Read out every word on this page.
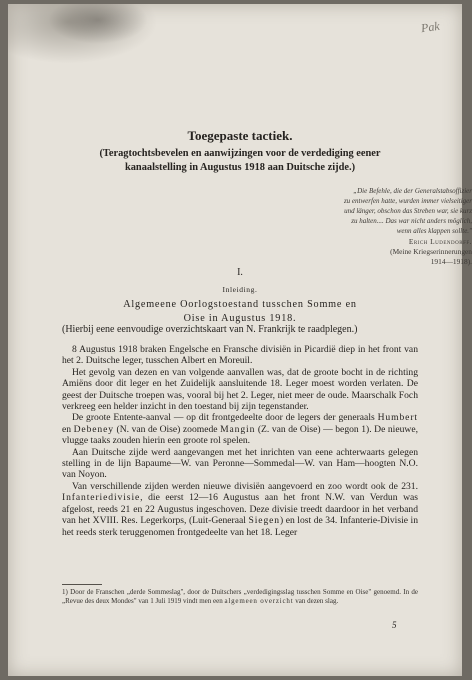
Pak
Toegepaste tactiek.
(Teragtochtsbevelen en aanwijzingen voor de verdediging eener
kanaalstelling in Augustus 1918 aan Duitsche zijde.)
„Die Befehle, die der Generalstabsoffizier
zu entwerfen hatte, wurden immer vielseitiger
und länger, obschon das Streben war, sie kurz
zu halten.... Das war nicht anders möglich,
wenn alles klappen sollte."
Erich Ludendorff.
(Meine Kriegserinnerungen
1914—1918).
I.
Inleiding.
Algemeene Oorlogstoestand tusschen Somme en
Oise in Augustus 1918.
(Hierbij eene eenvoudige overzichtskaart van N. Frankrijk te raadplegen.)

8 Augustus 1918 braken Engelsche en Fransche divisiën in Picardië diep in het front van het 2. Duitsche leger, tusschen Albert en Moreuil.

Het gevolg van dezen en van volgende aanvallen was, dat de groote bocht in de richting Amiëns door dit leger en het Zuidelijk aansluitende 18. Leger moest worden verlaten. De geest der Duitsche troepen was, vooral bij het 2. Leger, niet meer de oude. Maarschalk Foch verkreeg een helder inzicht in den toestand bij zijn tegenstander.

De groote Entente-aanval — op dit frontgedeelte door de legers der generaals Humbert en Debeney (N. van de Oise) zoomede Mangin (Z. van de Oise) — begon 1). De nieuwe, vlugge taaks zouden hierin een groote rol spelen.

Aan Duitsche zijde werd aangevangen met het inrichten van eene achterwaarts gelegen stelling in de lijn Bapaume—W. van Peronne—Sommedal—W. van Ham—hoogten N.O. van Noyon.

Van verschillende zijden werden nieuwe divisiën aangevoerd en zoo wordt ook de 231. Infanteriedivisie, die eerst 12—16 Augustus aan het front N.W. van Verdun was afgelost, reeds 21 en 22 Augustus ingeschoven. Deze divisie treedt daardoor in het verband van het XVIII. Res. Legerkorps, (Luit-Generaal Siegen) en lost de 34. Infanterie-Divisie in het reeds sterk teruggenomen frontgedeelte van het 18. Leger

1) Door de Franschen „derde Sommeslag", door de Duitschers „verdedigingsslag tusschen Somme en Oise" genoemd. In de „Revue des deux Mondes" van 1 Juli 1919 vindt men een algemeen overzicht van dezen slag.
5
